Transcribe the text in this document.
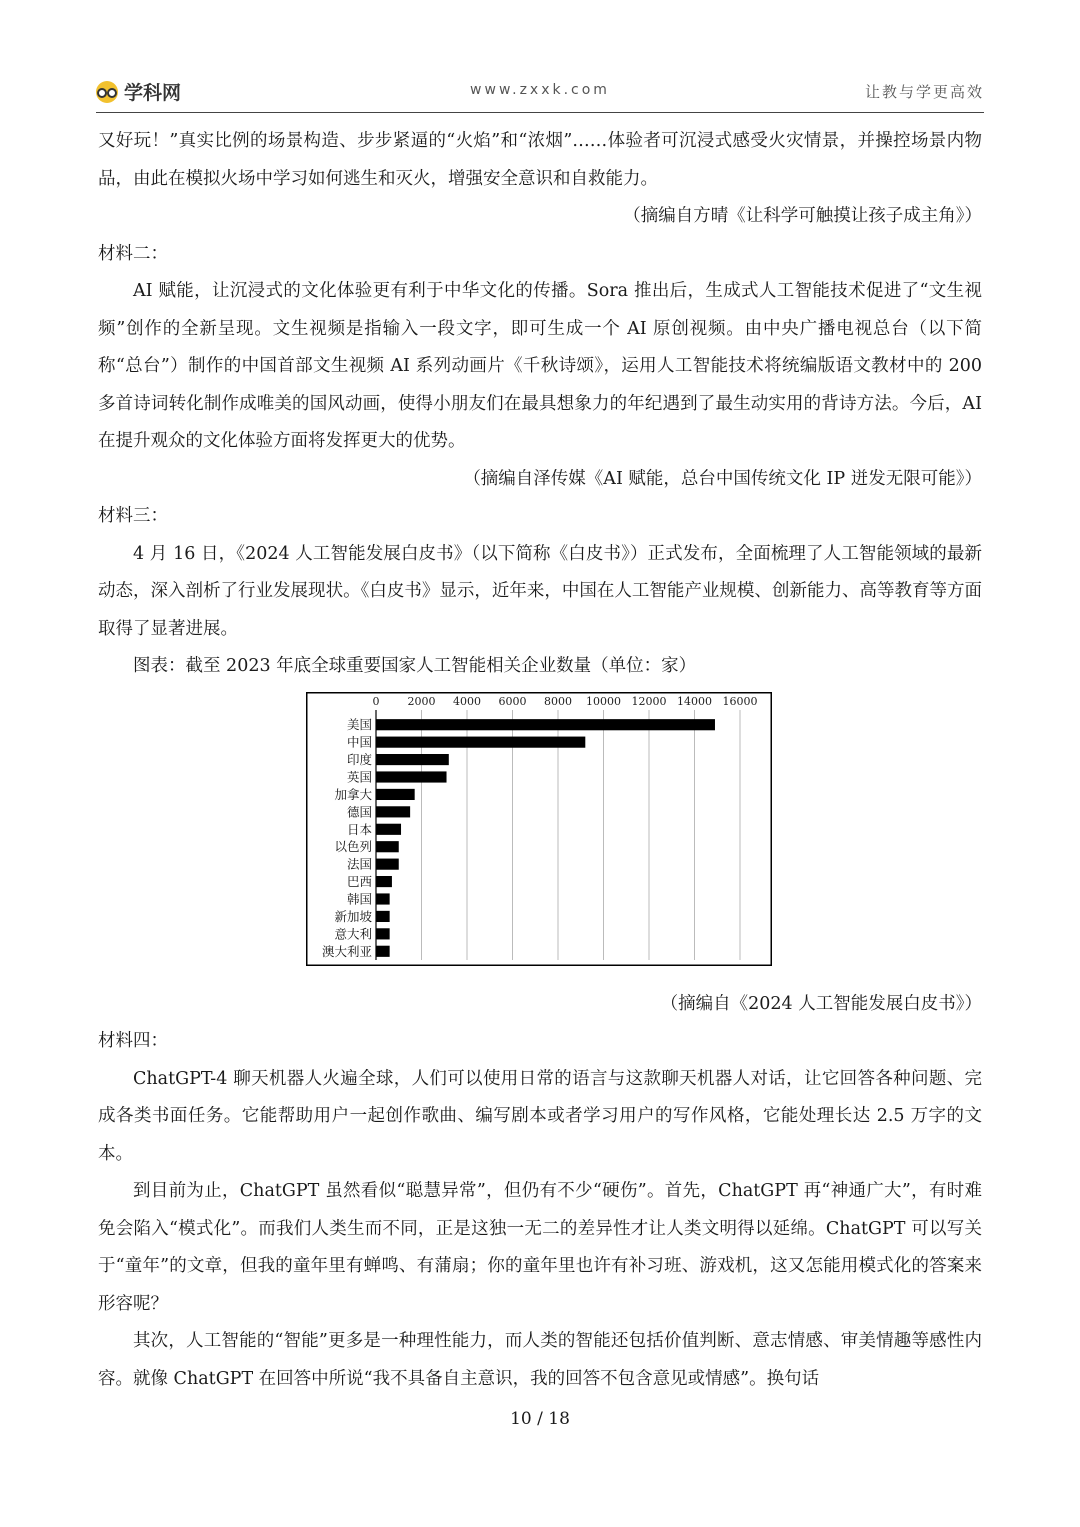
学科网	www.zxxk.com	让教与学更高效

又好玩！”真实比例的场景构造、步步紧逼的“火焰”和“浓烟”……体验者可沉浸式感受火灾情景，并操控场景内物品，由此在模拟火场中学习如何逃生和灭火，增强安全意识和自救能力。

（摘编自方晴《让科学可触摸让孩子成主角》）

材料二：

AI 赋能，让沉浸式的文化体验更有利于中华文化的传播。Sora 推出后，生成式人工智能技术促进了“文生视频”创作的全新呈现。文生视频是指输入一段文字，即可生成一个 AI 原创视频。由中央广播电视总台（以下简称“总台”）制作的中国首部文生视频 AI 系列动画片《千秋诗颂》，运用人工智能技术将统编版语文教材中的 200 多首诗词转化制作成唯美的国风动画，使得小朋友们在最具想象力的年纪遇到了最生动实用的背诗方法。今后，AI 在提升观众的文化体验方面将发挥更大的优势。

（摘编自泽传媒《AI 赋能，总台中国传统文化 IP 迸发无限可能》）

材料三：

4 月 16 日，《2024 人工智能发展白皮书》（以下简称《白皮书》）正式发布，全面梳理了人工智能领域的最新动态，深入剖析了行业发展现状。《白皮书》显示，近年来，中国在人工智能产业规模、创新能力、高等教育等方面取得了显著进展。

图表：截至 2023 年底全球重要国家人工智能相关企业数量（单位：家）

0	2000 4000 6000 8000 10000 12000 14000 16000
美国
中国
印度
英国
加拿大
德国
日本
以色列
法国
巴西
韩国
新加坡
意大利
澳大利亚

（摘编自《2024 人工智能发展白皮书》）

材料四：

ChatGPT-4 聊天机器人火遍全球，人们可以使用日常的语言与这款聊天机器人对话，让它回答各种问题、完成各类书面任务。它能帮助用户一起创作歌曲、编写剧本或者学习用户的写作风格，它能处理长达 2.5 万字的文本。

到目前为止，ChatGPT 虽然看似“聪慧异常”，但仍有不少“硬伤”。首先，ChatGPT 再“神通广大”，有时难免会陷入“模式化”。而我们人类生而不同，正是这独一无二的差异性才让人类文明得以延绵。ChatGPT 可以写关于“童年”的文章，但我的童年里有蝉鸣、有蒲扇；你的童年里也许有补习班、游戏机，这又怎能用模式化的答案来形容呢？

其次，人工智能的“智能”更多是一种理性能力，而人类的智能还包括价值判断、意志情感、审美情趣等感性内容。就像 ChatGPT 在回答中所说“我不具备自主意识，我的回答不包含意见或情感”。换句话

10 / 18
